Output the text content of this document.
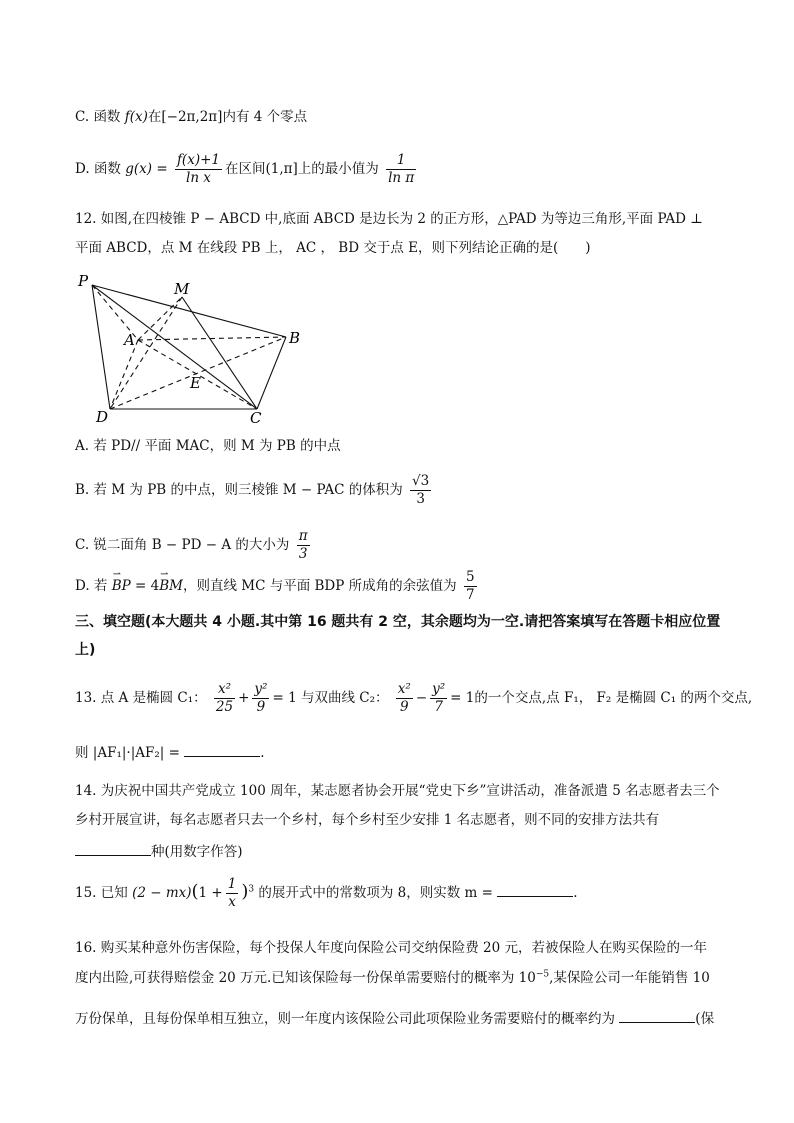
C. 函数 f(x)在[−2π,2π]内有 4 个零点
D. 函数 $g(x) = \frac{f(x)+1}{\text{ln x}}$ 在区间(1,π]上的最小值为 $\frac{1}{\text{ln π}}$
12. 如图,在四棱锥 P − ABCD 中,底面 ABCD 是边长为 2 的正方形，△PAD 为等边三角形,平面 PAD ⊥
平面 ABCD，点 M 在线段 PB 上， AC ， BD 交于点 E，则下列结论正确的是(　　)
P	M
A	B
E
D	C
A. 若 PD// 平面 MAC，则 M 为 PB 的中点
B. 若 M 为 PB 的中点，则三棱锥 M − PAC 的体积为 $\frac{√3}{3}$
C. 锐二面角 B − PD − A 的大小为 $\frac{\pi}{3}$
D. 若 ⇀ BP = 4⇀ BM，则直线 MC 与平面 BDP 所成角的余弦值为 $\frac{5}{7}$
三、填空题(本大题共 4 小题.其中第 16 题共有 2 空，其余题均为一空.请把答案填写在答题卡相应位置上)
13. 点 A 是椭圆 C₁： $\frac{\text{x²}}{25} + \frac{\text{y²}}{9} = 1$ 与双曲线 C₂： $\frac{\text{x²}}{9} - \frac{\text{y²}}{7} = 1$的一个交点,点 F₁， F₂ 是椭圆 C₁ 的两个交点,
则 |AF₁|·|AF₂| =	.
14. 为庆祝中国共产党成立 100 周年，某志愿者协会开展“党史下乡”宣讲活动，准备派遣 5 名志愿者去三个
乡村开展宣讲，每名志愿者只去一个乡村，每个乡村至少安排 1 名志愿者，则不同的安排方法共有
种(用数字作答)
15. 已知 $(2 - mx)(1 + \frac{1}{x} )^3$ 的展开式中的常数项为 8，则实数 m =	.
16. 购买某种意外伤害保险，每个投保人年度向保险公司交纳保险费 20 元，若被保险人在购买保险的一年
度内出险,可获得赔偿金 20 万元.已知该保险每一份保单需要赔付的概率为 $10^{-5}$,某保险公司一年能销售 10
万份保单，且每份保单相互独立，则一年度内该保险公司此项保险业务需要赔付的概率约为	(保
